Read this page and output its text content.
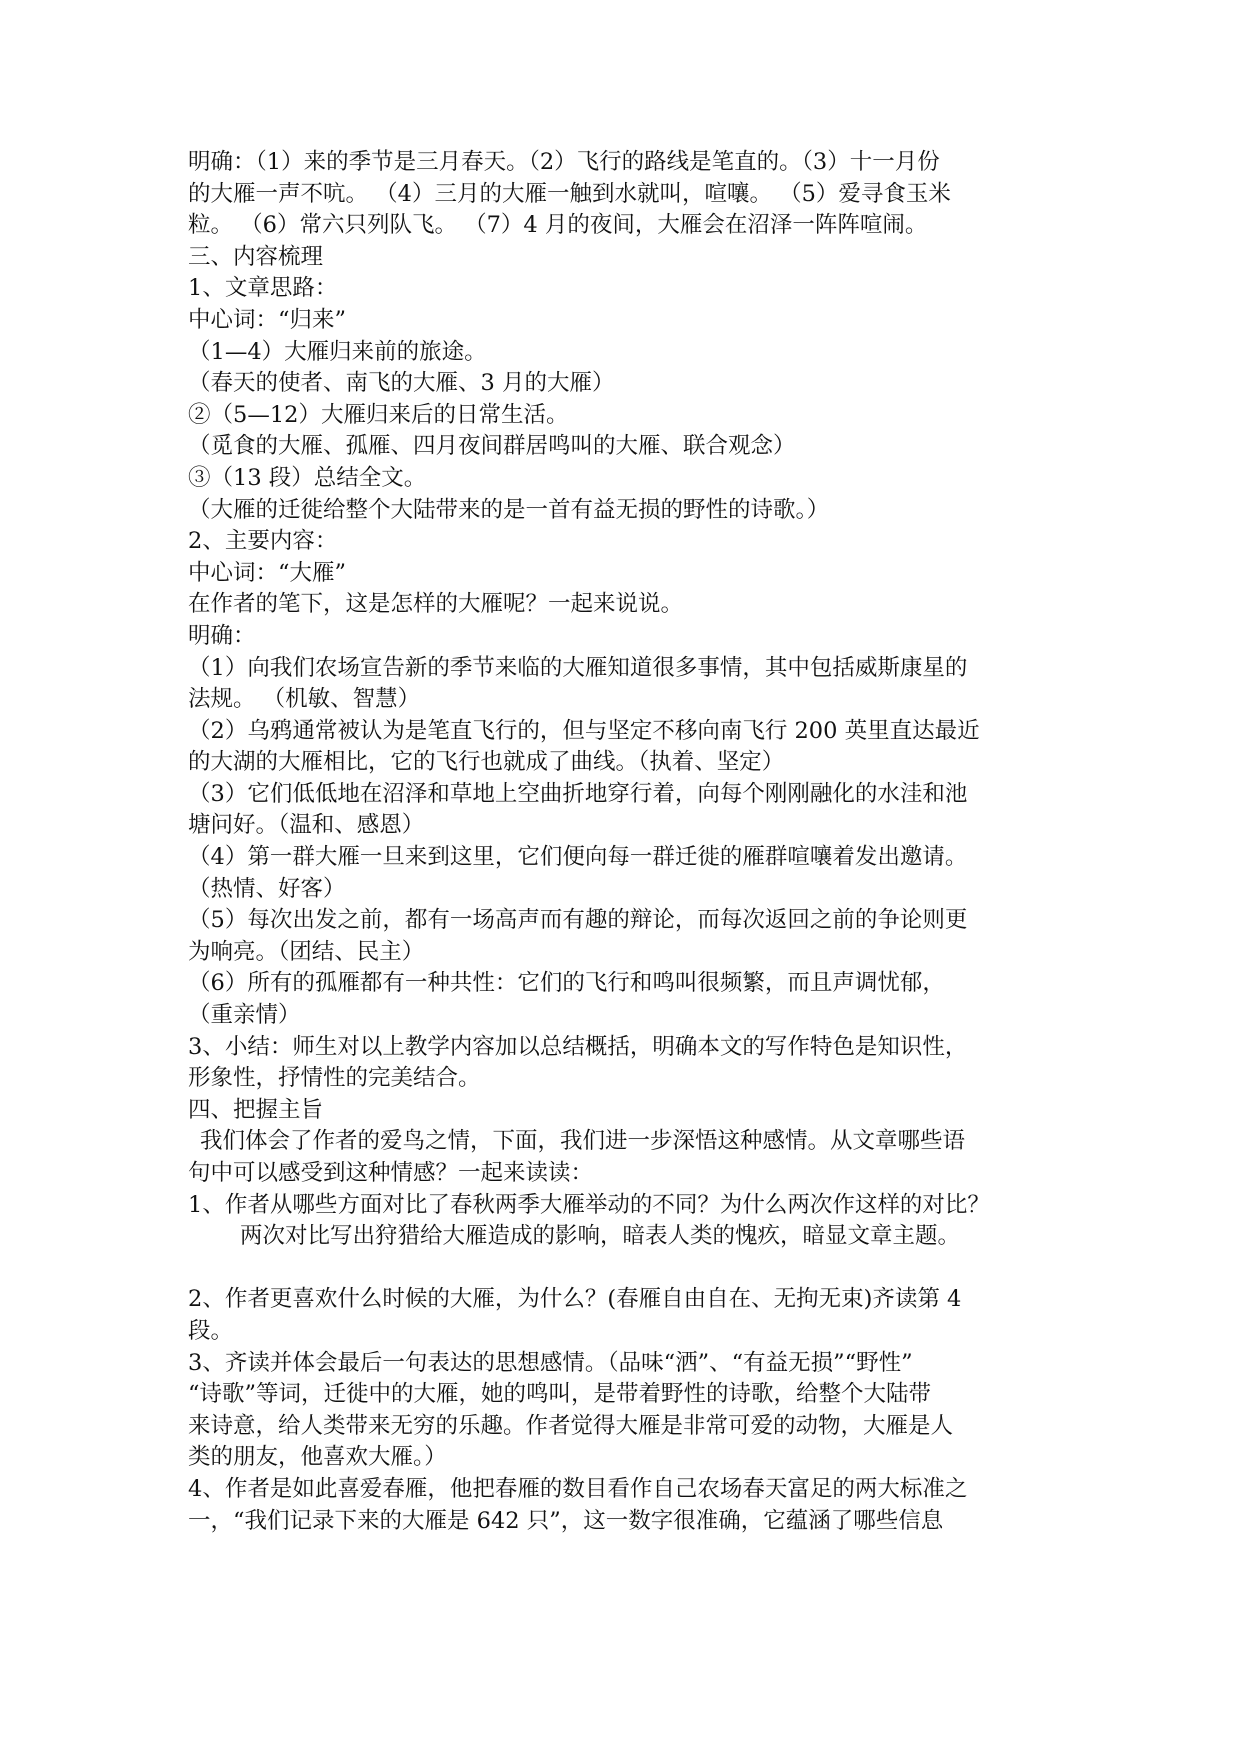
明确：（1）来的季节是三月春天。（2）飞行的路线是笔直的。（3）十一月份
的大雁一声不吭。 （4）三月的大雁一触到水就叫，喧嚷。 （5）爱寻食玉米
粒。 （6）常六只列队飞。 （7）4 月的夜间，大雁会在沼泽一阵阵喧闹。
三、内容梳理
1、文章思路：
中心词：“归来”
（1—4）大雁归来前的旅途。
（春天的使者、南飞的大雁、3 月的大雁）
②（5—12）大雁归来后的日常生活。
（觅食的大雁、孤雁、四月夜间群居鸣叫的大雁、联合观念）
③（13 段）总结全文。
（大雁的迁徙给整个大陆带来的是一首有益无损的野性的诗歌。）
2、主要内容：
中心词：“大雁”
在作者的笔下，这是怎样的大雁呢？一起来说说。
明确：
（1）向我们农场宣告新的季节来临的大雁知道很多事情，其中包括威斯康星的
法规。 （机敏、智慧）
（2）乌鸦通常被认为是笔直飞行的，但与坚定不移向南飞行 200 英里直达最近
的大湖的大雁相比，它的飞行也就成了曲线。（执着、坚定）
（3）它们低低地在沼泽和草地上空曲折地穿行着，向每个刚刚融化的水洼和池
塘问好。（温和、感恩）
（4）第一群大雁一旦来到这里，它们便向每一群迁徙的雁群喧嚷着发出邀请。
（热情、好客）
（5）每次出发之前，都有一场高声而有趣的辩论，而每次返回之前的争论则更
为响亮。（团结、民主）
（6）所有的孤雁都有一种共性：它们的飞行和鸣叫很频繁，而且声调忧郁，
（重亲情）
3、小结：师生对以上教学内容加以总结概括，明确本文的写作特色是知识性，
形象性，抒情性的完美结合。
四、把握主旨
我们体会了作者的爱鸟之情，下面，我们进一步深悟这种感情。从文章哪些语
句中可以感受到这种情感？一起来读读：
1、作者从哪些方面对比了春秋两季大雁举动的不同？为什么两次作这样的对比？
两次对比写出狩猎给大雁造成的影响，暗表人类的愧疚，暗显文章主题。
2、作者更喜欢什么时候的大雁，为什么？(春雁自由自在、无拘无束)齐读第 4
段。
3、齐读并体会最后一句表达的思想感情。（品味“洒”、“有益无损”“野性”
“诗歌”等词，迁徙中的大雁，她的鸣叫，是带着野性的诗歌，给整个大陆带
来诗意，给人类带来无穷的乐趣。作者觉得大雁是非常可爱的动物，大雁是人
类的朋友，他喜欢大雁。）
4、作者是如此喜爱春雁，他把春雁的数目看作自己农场春天富足的两大标准之
一，“我们记录下来的大雁是 642 只”，这一数字很准确，它蕴涵了哪些信息
